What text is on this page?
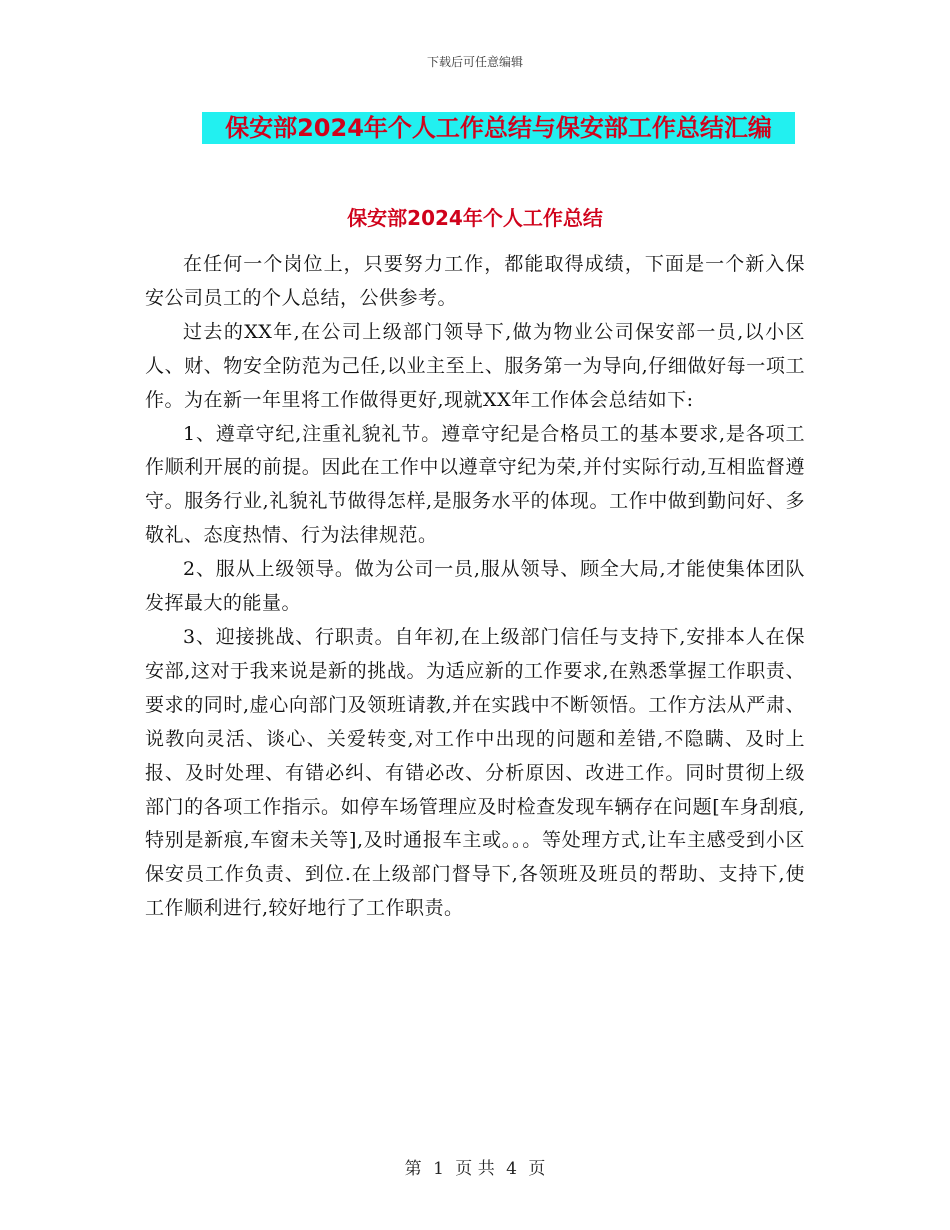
下载后可任意编辑
保安部2024年个人工作总结与保安部工作总结汇编
保安部2024年个人工作总结

在任何一个岗位上，只要努力工作，都能取得成绩，下面是一个新入保安公司员工的个人总结，公供参考。

过去的XX年,在公司上级部门领导下,做为物业公司保安部一员,以小区人、财、物安全防范为己任,以业主至上、服务第一为导向,仔细做好每一项工作。为在新一年里将工作做得更好,现就XX年工作体会总结如下:

1、遵章守纪,注重礼貌礼节。遵章守纪是合格员工的基本要求,是各项工作顺利开展的前提。因此在工作中以遵章守纪为荣,并付实际行动,互相监督遵守。服务行业,礼貌礼节做得怎样,是服务水平的体现。工作中做到勤问好、多敬礼、态度热情、行为法律规范。

2、服从上级领导。做为公司一员,服从领导、顾全大局,才能使集体团队发挥最大的能量。

3、迎接挑战、行职责。自年初,在上级部门信任与支持下,安排本人在保安部,这对于我来说是新的挑战。为适应新的工作要求,在熟悉掌握工作职责、要求的同时,虚心向部门及领班请教,并在实践中不断领悟。工作方法从严肃、说教向灵活、谈心、关爱转变,对工作中出现的问题和差错,不隐瞒、及时上报、及时处理、有错必纠、有错必改、分析原因、改进工作。同时贯彻上级部门的各项工作指示。如停车场管理应及时检查发现车辆存在问题[车身刮痕,特别是新痕,车窗未关等],及时通报车主或。。。等处理方式,让车主感受到小区保安员工作负责、到位.在上级部门督导下,各领班及班员的帮助、支持下,使工作顺利进行,较好地行了工作职责。

第 1 页 共 4 页
